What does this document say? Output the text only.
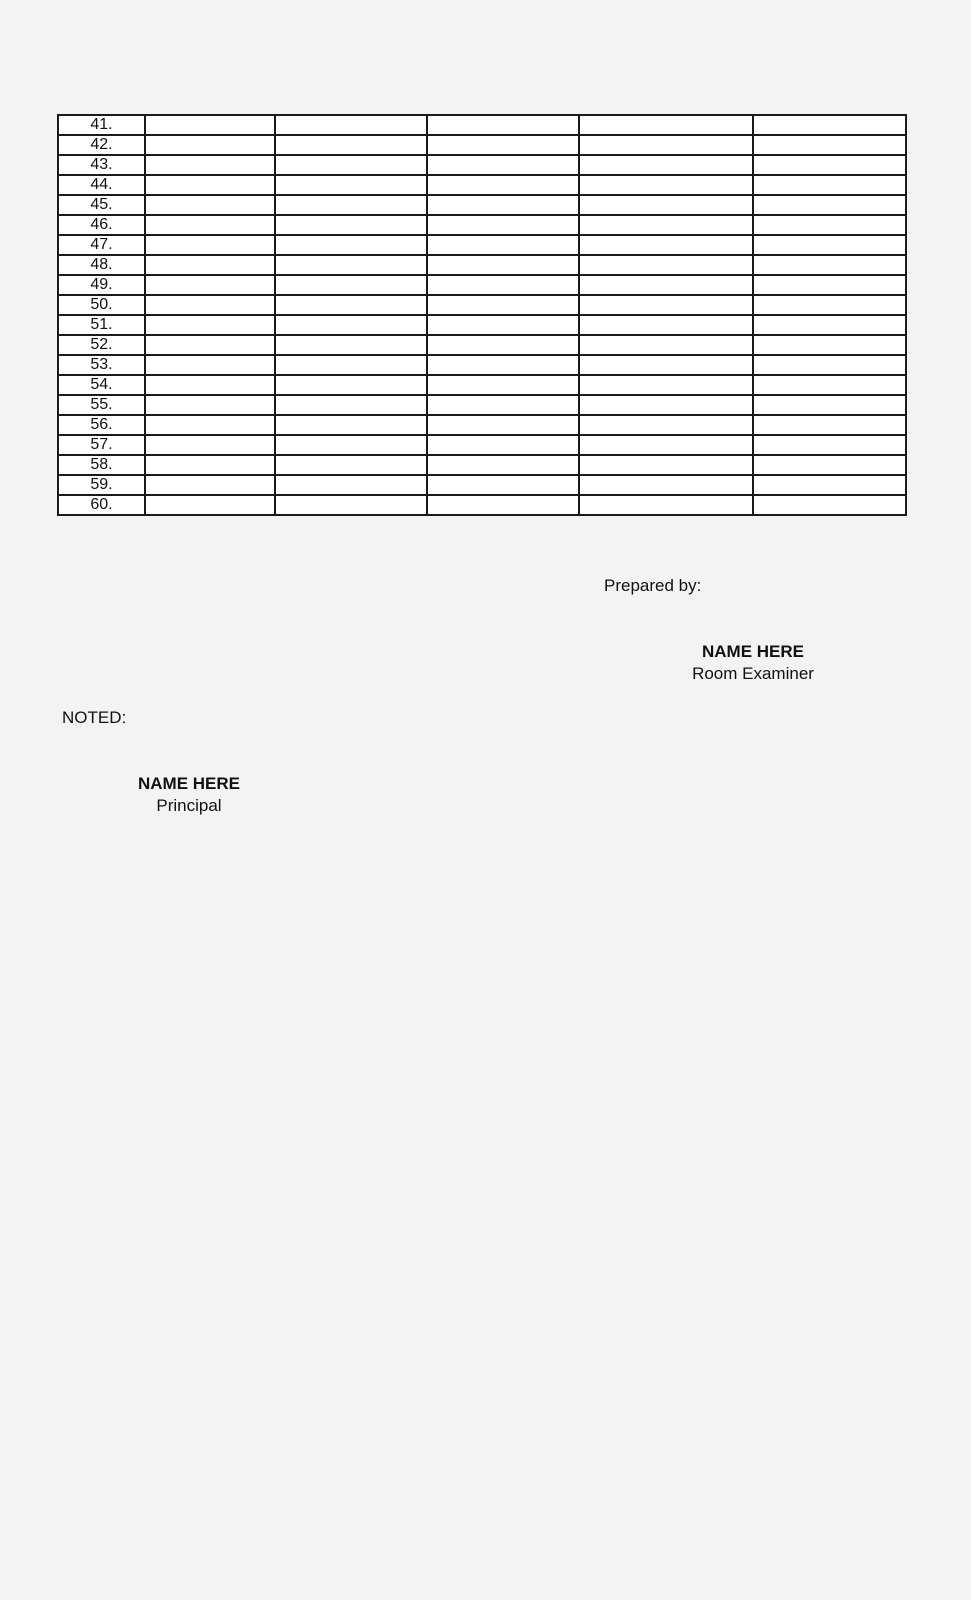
41.					
42.					
43.					
44.					
45.					
46.					
47.					
48.					
49.					
50.					
51.					
52.					
53.					
54.					
55.					
56.					
57.					
58.					
59.					
60.					
Prepared by:
NAME HERE
Room Examiner
NOTED:
NAME HERE
Principal
